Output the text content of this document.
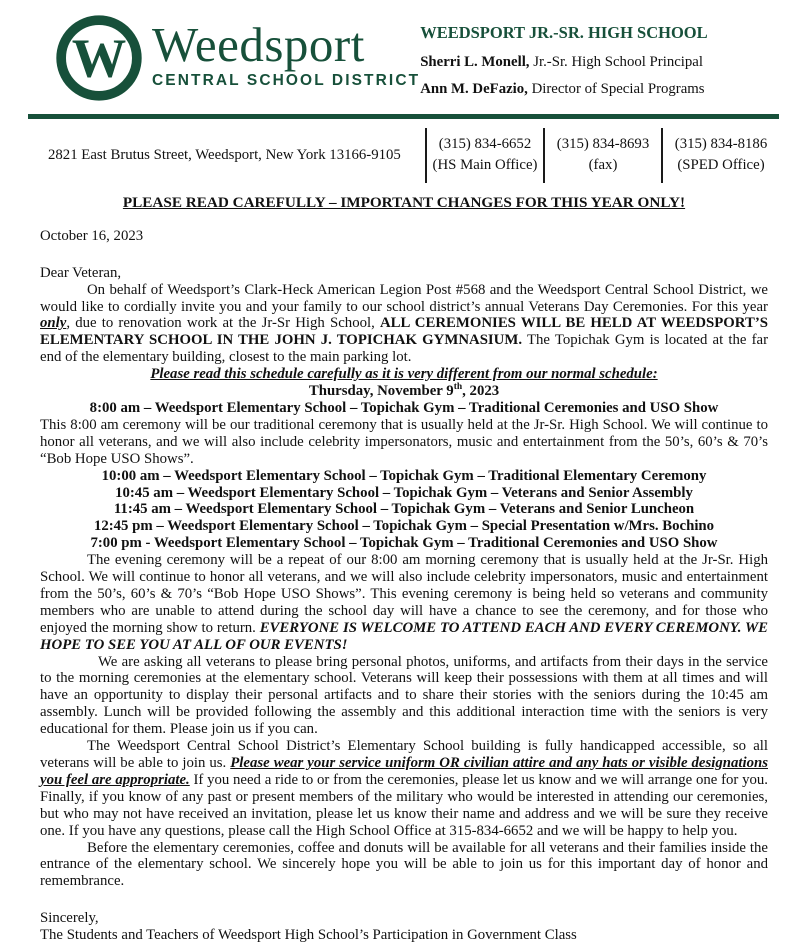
W Weedsport
CENTRAL SCHOOL DISTRICT
WEEDSPORT JR.-SR. HIGH SCHOOL
Sherri L. Monell, Jr.-Sr. High School Principal
Ann M. DeFazio, Director of Special Programs
2821 East Brutus Street, Weedsport, New York 13166-9105
(315) 834-6652
(HS Main Office)
(315) 834-8693
(fax)
(315) 834-8186
(SPED Office)
PLEASE READ CAREFULLY – IMPORTANT CHANGES FOR THIS YEAR ONLY!
October 16, 2023
Dear Veteran,
On behalf of Weedsport’s Clark-Heck American Legion Post #568 and the Weedsport Central School District, we would like to cordially invite you and your family to our school district’s annual Veterans Day Ceremonies. For this year only, due to renovation work at the Jr-Sr High School, ALL CEREMONIES WILL BE HELD AT WEEDSPORT’S ELEMENTARY SCHOOL IN THE JOHN J. TOPICHAK GYMNASIUM. The Topichak Gym is located at the far end of the elementary building, closest to the main parking lot.
Please read this schedule carefully as it is very different from our normal schedule:
Thursday, November 9th, 2023
8:00 am – Weedsport Elementary School – Topichak Gym – Traditional Ceremonies and USO Show
This 8:00 am ceremony will be our traditional ceremony that is usually held at the Jr-Sr. High School. We will continue to honor all veterans, and we will also include celebrity impersonators, music and entertainment from the 50’s, 60’s & 70’s “Bob Hope USO Shows”.
10:00 am – Weedsport Elementary School – Topichak Gym – Traditional Elementary Ceremony
10:45 am – Weedsport Elementary School – Topichak Gym – Veterans and Senior Assembly
11:45 am – Weedsport Elementary School – Topichak Gym – Veterans and Senior Luncheon
12:45 pm – Weedsport Elementary School – Topichak Gym – Special Presentation w/Mrs. Bochino
7:00 pm - Weedsport Elementary School – Topichak Gym – Traditional Ceremonies and USO Show
The evening ceremony will be a repeat of our 8:00 am morning ceremony that is usually held at the Jr-Sr. High School. We will continue to honor all veterans, and we will also include celebrity impersonators, music and entertainment from the 50’s, 60’s & 70’s “Bob Hope USO Shows”. This evening ceremony is being held so veterans and community members who are unable to attend during the school day will have a chance to see the ceremony, and for those who enjoyed the morning show to return. EVERYONE IS WELCOME TO ATTEND EACH AND EVERY CEREMONY. WE HOPE TO SEE YOU AT ALL OF OUR EVENTS!
We are asking all veterans to please bring personal photos, uniforms, and artifacts from their days in the service to the morning ceremonies at the elementary school. Veterans will keep their possessions with them at all times and will have an opportunity to display their personal artifacts and to share their stories with the seniors during the 10:45 am assembly. Lunch will be provided following the assembly and this additional interaction time with the seniors is very educational for them. Please join us if you can.
The Weedsport Central School District’s Elementary School building is fully handicapped accessible, so all veterans will be able to join us. Please wear your service uniform OR civilian attire and any hats or visible designations you feel are appropriate. If you need a ride to or from the ceremonies, please let us know and we will arrange one for you. Finally, if you know of any past or present members of the military who would be interested in attending our ceremonies, but who may not have received an invitation, please let us know their name and address and we will be sure they receive one. If you have any questions, please call the High School Office at 315-834-6652 and we will be happy to help you.
Before the elementary ceremonies, coffee and donuts will be available for all veterans and their families inside the entrance of the elementary school. We sincerely hope you will be able to join us for this important day of honor and remembrance.
Sincerely,
The Students and Teachers of Weedsport High School’s Participation in Government Class
